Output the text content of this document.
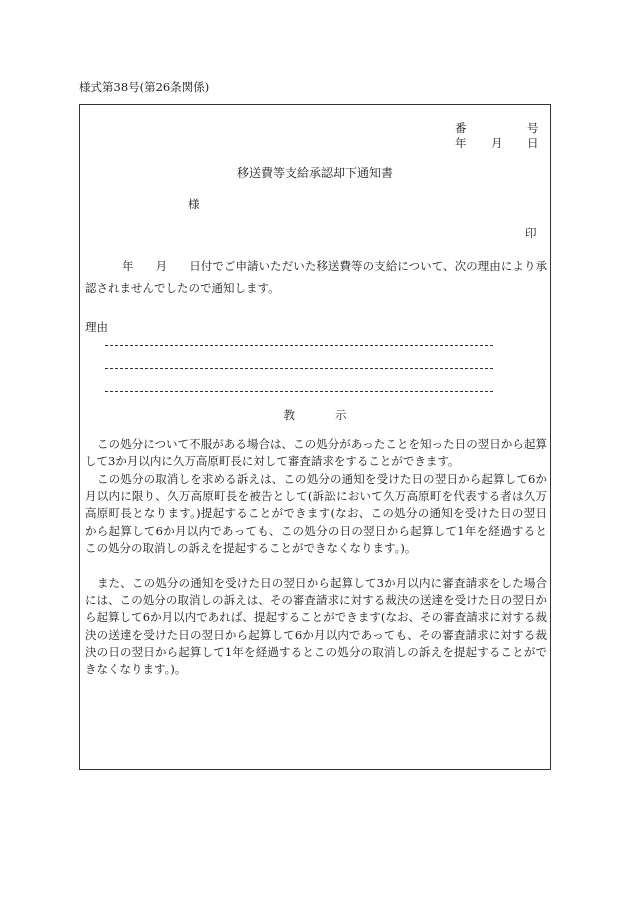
様式第38号(第26条関係)
番	号
年 月 日
移送費等支給承認却下通知書
様
印
年 月 日付でご申請いただいた移送費等の支給について、次の理由により承認されませんでしたので通知します。
理由
教	示
この処分について不服がある場合は、この処分があったことを知った日の翌日から起算して3か月以内に久万高原町長に対して審査請求をすることができます。
この処分の取消しを求める訴えは、この処分の通知を受けた日の翌日から起算して6か月以内に限り、久万高原町長を被告として(訴訟において久万高原町を代表する者は久万高原町長となります。)提起することができます(なお、この処分の通知を受けた日の翌日から起算して6か月以内であっても、この処分の日の翌日から起算して1年を経過するとこの処分の取消しの訴えを提起することができなくなります。)。
また、この処分の通知を受けた日の翌日から起算して3か月以内に審査請求をした場合には、この処分の取消しの訴えは、その審査請求に対する裁決の送達を受けた日の翌日から起算して6か月以内であれば、提起することができます(なお、その審査請求に対する裁決の送達を受けた日の翌日から起算して6か月以内であっても、その審査請求に対する裁決の日の翌日から起算して1年を経過するとこの処分の取消しの訴えを提起することができなくなります。)。
